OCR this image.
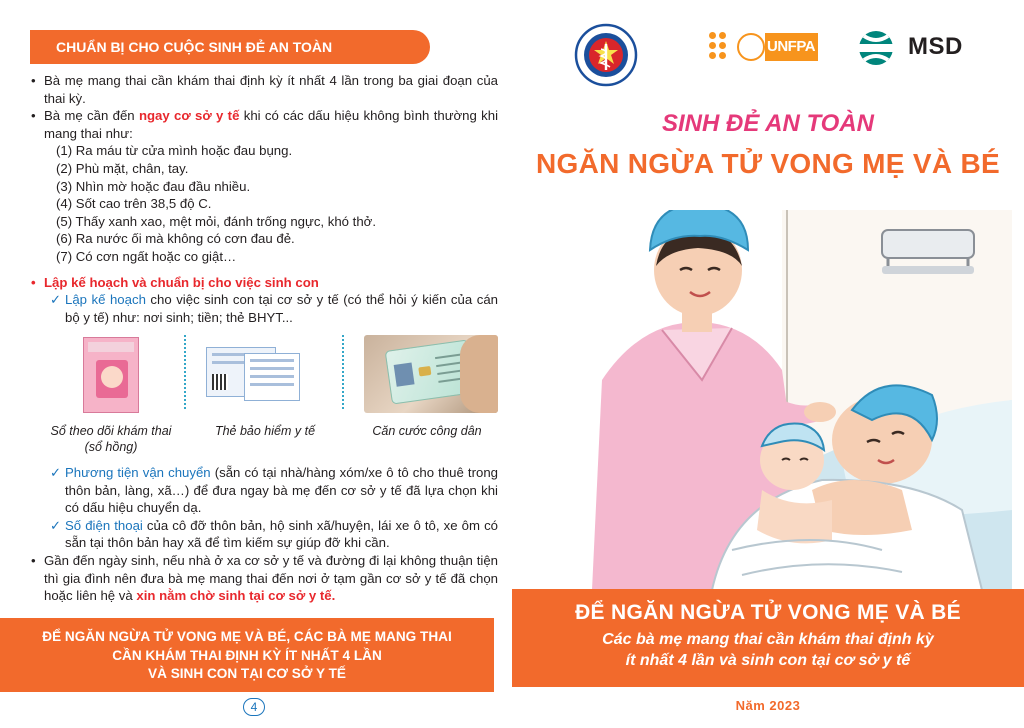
CHUẨN BỊ CHO CUỘC SINH ĐẺ AN TOÀN
• Bà mẹ mang thai cần khám thai định kỳ ít nhất 4 lần trong ba giai đoạn của thai kỳ.
• Bà mẹ cần đến ngay cơ sở y tế khi có các dấu hiệu không bình thường khi mang thai như:
(1) Ra máu từ cửa mình hoặc đau bụng.
(2) Phù mặt, chân, tay.
(3) Nhìn mờ hoặc đau đầu nhiều.
(4) Sốt cao trên 38,5 độ C.
(5) Thấy xanh xao, mệt mỏi, đánh trống ngực, khó thở.
(6) Ra nước ối mà không có cơn đau đẻ.
(7) Có cơn ngất hoặc co giật…
• Lập kế hoạch và chuẩn bị cho việc sinh con
✓ Lập kế hoạch cho việc sinh con tại cơ sở y tế (có thể hỏi ý kiến của cán bộ y tế) như: nơi sinh; tiền; thẻ BHYT...
Sổ theo dõi khám thai
(sổ hồng)
Thẻ bảo hiểm y tế	Căn cước công dân
✓ Phương tiện vận chuyển (sẵn có tại nhà/hàng xóm/xe ô tô cho thuê trong thôn bản, làng, xã…) để đưa ngay bà mẹ đến cơ sở y tế đã lựa chọn khi có dấu hiệu chuyển dạ.
✓ Số điện thoại của cô đỡ thôn bản, hộ sinh xã/huyện, lái xe ô tô, xe ôm có sẵn tại thôn bản hay xã để tìm kiếm sự giúp đỡ khi cần.
• Gần đến ngày sinh, nếu nhà ở xa cơ sở y tế và đường đi lại không thuận tiện thì gia đình nên đưa bà mẹ mang thai đến nơi ở tạm gần cơ sở y tế đã chọn hoặc liên hệ và xin nằm chờ sinh tại cơ sở y tế.
ĐỂ NGĂN NGỪA TỬ VONG MẸ VÀ BÉ, CÁC BÀ MẸ MANG THAI
CẦN KHÁM THAI ĐỊNH KỲ ÍT NHẤT 4 LẦN
VÀ SINH CON TẠI CƠ SỞ Y TẾ
4
UNFPA	MSD
SINH ĐẺ AN TOÀN
NGĂN NGỪA TỬ VONG MẸ VÀ BÉ
ĐỂ NGĂN NGỪA TỬ VONG MẸ VÀ BÉ
Các bà mẹ mang thai cần khám thai định kỳ
ít nhất 4 lần và sinh con tại cơ sở y tế
Năm 2023
